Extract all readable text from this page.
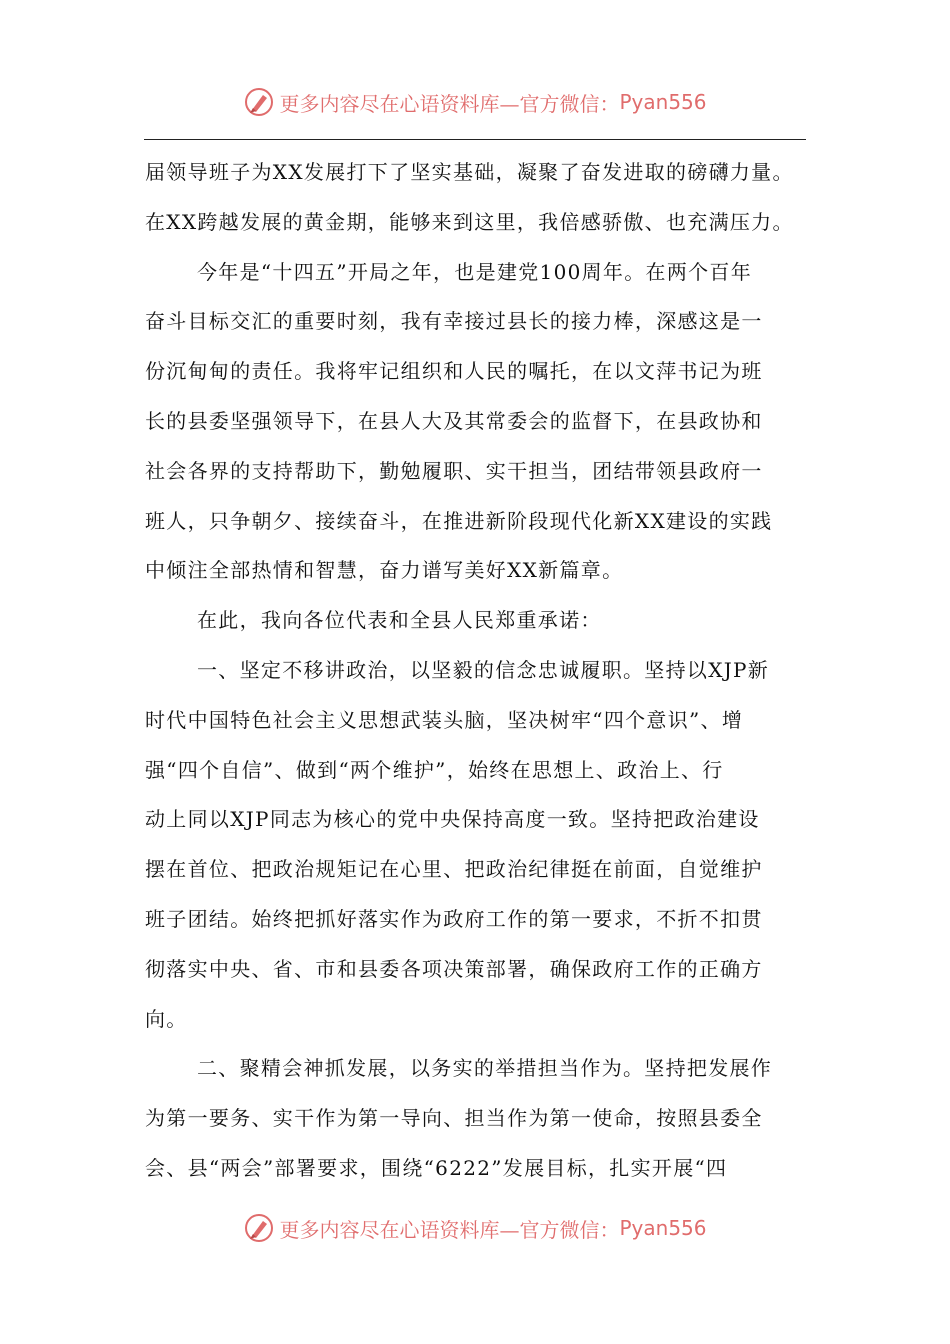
更多内容尽在心语资料库—官方微信： Pyan556

届领导班子为XX发展打下了坚实基础，凝聚了奋发进取的磅礴力量。
在XX跨越发展的黄金期，能够来到这里，我倍感骄傲、也充满压力。

今年是“十四五”开局之年，也是建党100周年。在两个百年
奋斗目标交汇的重要时刻，我有幸接过县长的接力棒，深感这是一
份沉甸甸的责任。我将牢记组织和人民的嘱托，在以文萍书记为班
长的县委坚强领导下，在县人大及其常委会的监督下，在县政协和
社会各界的支持帮助下，勤勉履职、实干担当，团结带领县政府一
班人，只争朝夕、接续奋斗，在推进新阶段现代化新XX建设的实践
中倾注全部热情和智慧，奋力谱写美好XX新篇章。

在此，我向各位代表和全县人民郑重承诺：

一、坚定不移讲政治，以坚毅的信念忠诚履职。坚持以XJP新
时代中国特色社会主义思想武装头脑，坚决树牢“四个意识”、增
强“四个自信”、做到“两个维护”，始终在思想上、政治上、行
动上同以XJP同志为核心的党中央保持高度一致。坚持把政治建设
摆在首位、把政治规矩记在心里、把政治纪律挺在前面，自觉维护
班子团结。始终把抓好落实作为政府工作的第一要求，不折不扣贯
彻落实中央、省、市和县委各项决策部署，确保政府工作的正确方
向。

二、聚精会神抓发展，以务实的举措担当作为。坚持把发展作
为第一要务、实干作为第一导向、担当作为第一使命，按照县委全
会、县“两会”部署要求，围绕“6222”发展目标，扎实开展“四

更多内容尽在心语资料库—官方微信： Pyan556
